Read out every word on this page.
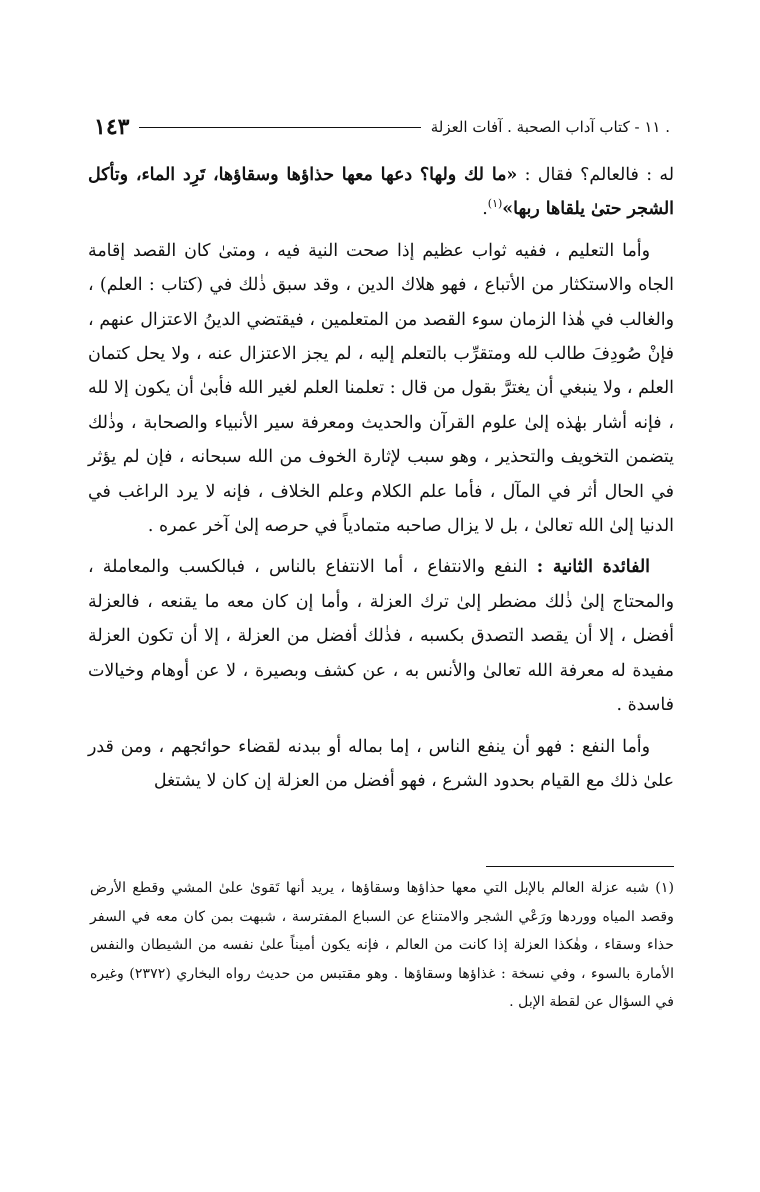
١١ - كتاب آداب الصحبة . آفات العزلة .
١٤٣

له : فالعالم؟ فقال : «ما لك ولها؟ دعها معها حذاؤها وسقاؤها، تَرِد الماء، وتأكل الشجر حتىٰ يلقاها ربها»$^{(١)}$.

وأما التعليم ، ففيه ثواب عظيم إذا صحت النية فيه ، ومتىٰ كان القصد إقامة الجاه والاستكثار من الأتباع ، فهو هلاك الدين ، وقد سبق ذٰلك في (كتاب : العلم) ، والغالب في هٰذا الزمان سوء القصد من المتعلمين ، فيقتضي الدينُ الاعتزال عنهم ، فإنْ صُودِفَ طالب لله ومتقرِّب بالتعلم إليه ، لم يجز الاعتزال عنه ، ولا يحل كتمان العلم ، ولا ينبغي أن يغترَّ بقول من قال : تعلمنا العلم لغير الله فأبىٰ أن يكون إلا لله ، فإنه أشار بهٰذه إلىٰ علوم القرآن والحديث ومعرفة سير الأنبياء والصحابة ، وذٰلك يتضمن التخويف والتحذير ، وهو سبب لإثارة الخوف من الله سبحانه ، فإن لم يؤثر في الحال أثر في المآل ، فأما علم الكلام وعلم الخلاف ، فإنه لا يرد الراغب في الدنيا إلىٰ الله تعالىٰ ، بل لا يزال صاحبه متمادياً في حرصه إلىٰ آخر عمره .

الفائدة الثانية : النفع والانتفاع ، أما الانتفاع بالناس ، فبالكسب والمعاملة ، والمحتاج إلىٰ ذٰلك مضطر إلىٰ ترك العزلة ، وأما إن كان معه ما يقنعه ، فالعزلة أفضل ، إلا أن يقصد التصدق بكسبه ، فذٰلك أفضل من العزلة ، إلا أن تكون العزلة مفيدة له معرفة الله تعالىٰ والأنس به ، عن كشف وبصيرة ، لا عن أوهام وخيالات فاسدة .

وأما النفع : فهو أن ينفع الناس ، إما بماله أو ببدنه لقضاء حوائجهم ، ومن قدر علىٰ ذلك مع القيام بحدود الشرع ، فهو أفضل من العزلة إن كان لا يشتغل

(١) شبه عزلة العالم بالإبل التي معها حذاؤها وسقاؤها ، يريد أنها تَقوىٰ علىٰ المشي وقطع الأرض وقصد المياه ووردها ورَعْي الشجر والامتناع عن السباع المفترسة ، شبهت بمن كان معه في السفر حذاء وسقاء ، وهٰكذا العزلة إذا كانت من العالم ، فإنه يكون أميناً علىٰ نفسه من الشيطان والنفس الأمارة بالسوء ، وفي نسخة : غذاؤها وسقاؤها . وهو مقتبس من حديث رواه البخاري (٢٣٧٢) وغيره في السؤال عن لقطة الإبل .
